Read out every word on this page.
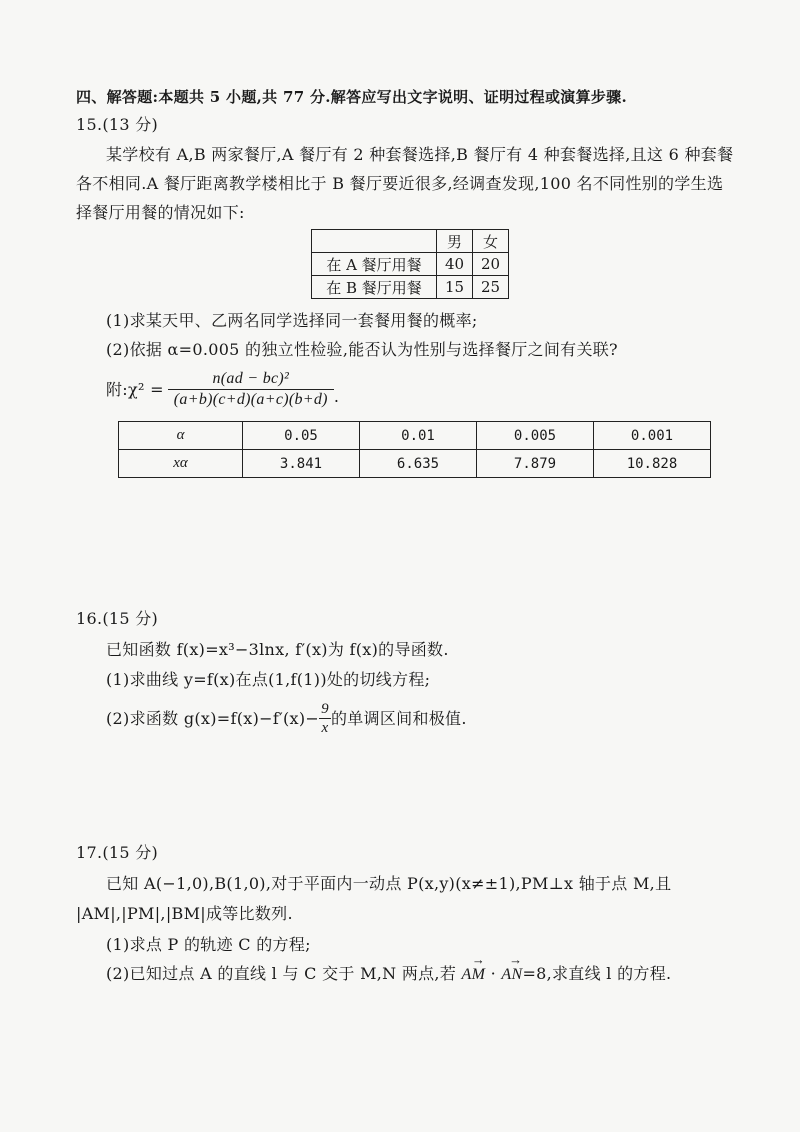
四、解答题:本题共 5 小题,共 77 分.解答应写出文字说明、证明过程或演算步骤.
15.(13 分)
某学校有 A,B 两家餐厅,A 餐厅有 2 种套餐选择,B 餐厅有 4 种套餐选择,且这 6 种套餐
各不相同.A 餐厅距离教学楼相比于 B 餐厅要近很多,经调查发现,100 名不同性别的学生选
择餐厅用餐的情况如下:
	男	女
在 A 餐厅用餐	40	20
在 B 餐厅用餐	15	25
(1)求某天甲、乙两名同学选择同一套餐用餐的概率;
(2)依据 α=0.005 的独立性检验,能否认为性别与选择餐厅之间有关联?
附:χ² = $\frac{\text{n(ad − bc)²}}{(a+b)(c+d)(a+c)(b+d)}$ .
α	0.05	0.01	0.005	0.001
xα	3.841	6.635	7.879	10.828
16.(15 分)
已知函数 f(x)=x³−3lnx, f′(x)为 f(x)的导函数.
(1)求曲线 y=f(x)在点(1,f(1))处的切线方程;
(2)求函数 $g(x)=f(x)-f'(x)- \frac{9}{x}$ 的单调区间和极值.
17.(15 分)
已知 A(−1,0),B(1,0),对于平面内一动点 P(x,y)(x≠±1),PM⊥x 轴于点 M,且
|AM|,|PM|,|BM|成等比数列.
(1)求点 P 的轨迹 C 的方程;
(2)已知过点 A 的直线 l 与 C 交于 M,N 两点,若 → AM · → AN=8,求直线 l 的方程.
